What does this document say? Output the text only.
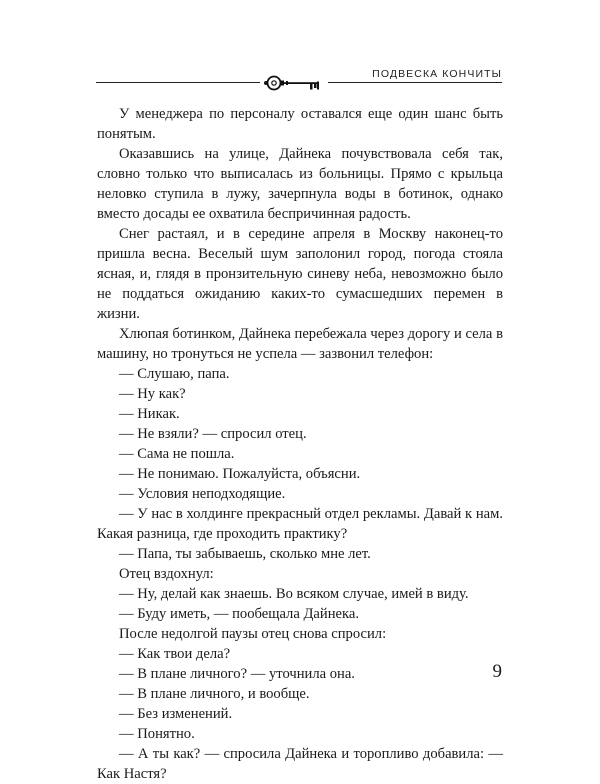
ПОДВЕСКА КОНЧИТЫ

У менеджера по персоналу оставался еще один шанс быть понятым.

Оказавшись на улице, Дайнека почувствовала себя так, словно только что выписалась из больницы. Прямо с крыльца неловко ступила в лужу, зачерпнула воды в ботинок, однако вместо досады ее охватила беспричинная радость.

Снег растаял, и в середине апреля в Москву наконец-то пришла весна. Веселый шум заполонил город, погода стояла ясная, и, глядя в пронзительную синеву неба, невозможно было не поддаться ожиданию каких-то сумасшедших перемен в жизни.

Хлюпая ботинком, Дайнека перебежала через дорогу и села в машину, но тронуться не успела — зазвонил телефон:

— Слушаю, папа.

— Ну как?

— Никак.

— Не взяли? — спросил отец.

— Сама не пошла.

— Не понимаю. Пожалуйста, объясни.

— Условия неподходящие.

— У нас в холдинге прекрасный отдел рекламы. Давай к нам. Какая разница, где проходить практику?

— Папа, ты забываешь, сколько мне лет.

Отец вздохнул:

— Ну, делай как знаешь. Во всяком случае, имей в виду.

— Буду иметь, — пообещала Дайнека.

После недолгой паузы отец снова спросил:

— Как твои дела?

— В плане личного? — уточнила она.

— В плане личного, и вообще.

— Без изменений.

— Понятно.

— А ты как? — спросила Дайнека и торопливо добавила: — Как Настя?

9
